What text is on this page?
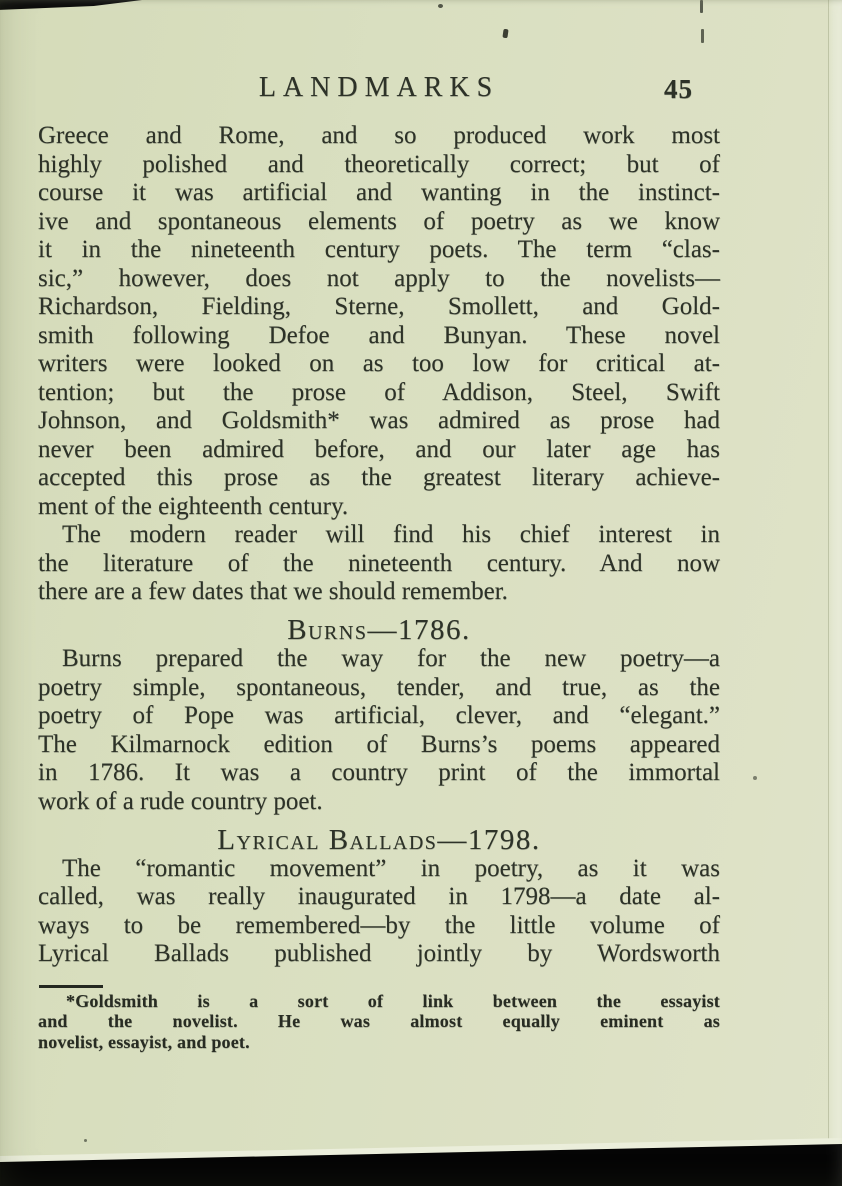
LANDMARKS	45
Greece and Rome, and so produced work most
highly polished and theoretically correct; but of
course it was artificial and wanting in the instinct-
ive and spontaneous elements of poetry as we know
it in the nineteenth century poets. The term “clas-
sic,” however, does not apply to the novelists—
Richardson, Fielding, Sterne, Smollett, and Gold-
smith following Defoe and Bunyan. These novel
writers were looked on as too low for critical at-
tention; but the prose of Addison, Steel, Swift
Johnson, and Goldsmith* was admired as prose had
never been admired before, and our later age has
accepted this prose as the greatest literary achieve-
ment of the eighteenth century.
The modern reader will find his chief interest in
the literature of the nineteenth century. And now
there are a few dates that we should remember.
Burns—1786.
Burns prepared the way for the new poetry—a
poetry simple, spontaneous, tender, and true, as the
poetry of Pope was artificial, clever, and “elegant.”
The Kilmarnock edition of Burns’s poems appeared
in 1786. It was a country print of the immortal
work of a rude country poet.
Lyrical Ballads—1798.
The “romantic movement” in poetry, as it was
called, was really inaugurated in 1798—a date al-
ways to be remembered—by the little volume of
Lyrical Ballads published jointly by Wordsworth
*Goldsmith is a sort of link between the essayist
and the novelist. He was almost equally eminent as
novelist, essayist, and poet.
